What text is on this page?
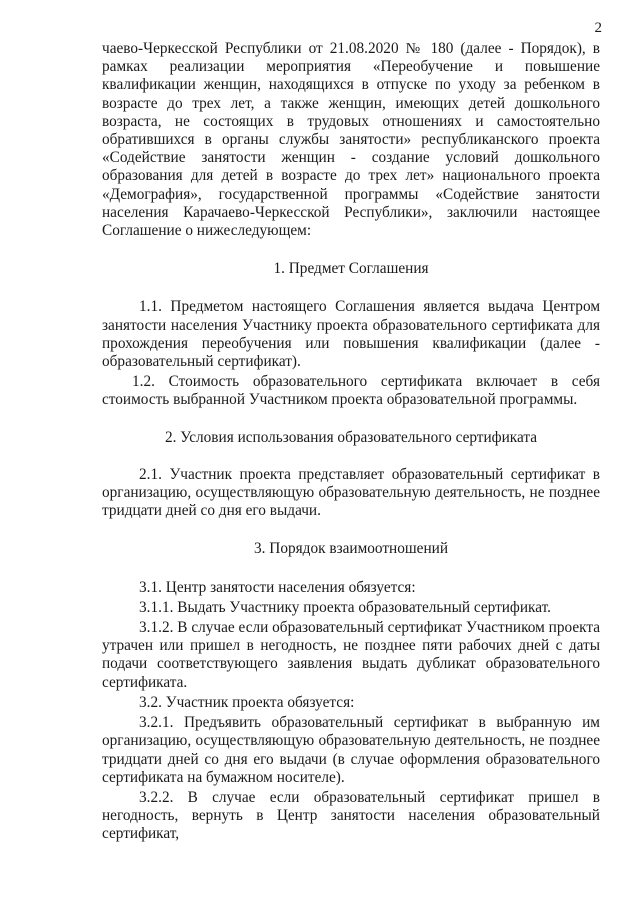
2

чаево-Черкесской Республики от 21.08.2020 № 180 (далее - Порядок), в рамках реализации мероприятия «Переобучение и повышение квалификации женщин, находящихся в отпуске по уходу за ребенком в возрасте до трех лет, а также женщин, имеющих детей дошкольного возраста, не состоящих в трудовых отношениях и самостоятельно обратившихся в органы службы занятости» республиканского проекта «Содействие занятости женщин - создание условий дошкольного образования для детей в возрасте до трех лет» национального проекта «Демография», государственной программы «Содействие занятости населения Карачаево-Черкесской Республики», заключили настоящее Соглашение о нижеследующем:

1. Предмет Соглашения

1.1. Предметом настоящего Соглашения является выдача Центром занятости населения Участнику проекта образовательного сертификата для прохождения переобучения или повышения квалификации (далее - образовательный сертификат).

1.2. Стоимость образовательного сертификата включает в себя стоимость выбранной Участником проекта образовательной программы.

2. Условия использования образовательного сертификата

2.1. Участник проекта представляет образовательный сертификат в организацию, осуществляющую образовательную деятельность, не позднее тридцати дней со дня его выдачи.

3. Порядок взаимоотношений

3.1. Центр занятости населения обязуется:

3.1.1. Выдать Участнику проекта образовательный сертификат.

3.1.2. В случае если образовательный сертификат Участником проекта утрачен или пришел в негодность, не позднее пяти рабочих дней с даты подачи соответствующего заявления выдать дубликат образовательного сертификата.

3.2. Участник проекта обязуется:

3.2.1. Предъявить образовательный сертификат в выбранную им организацию, осуществляющую образовательную деятельность, не позднее тридцати дней со дня его выдачи (в случае оформления образовательного сертификата на бумажном носителе).

3.2.2. В случае если образовательный сертификат пришел в негодность, вернуть в Центр занятости населения образовательный сертификат,
